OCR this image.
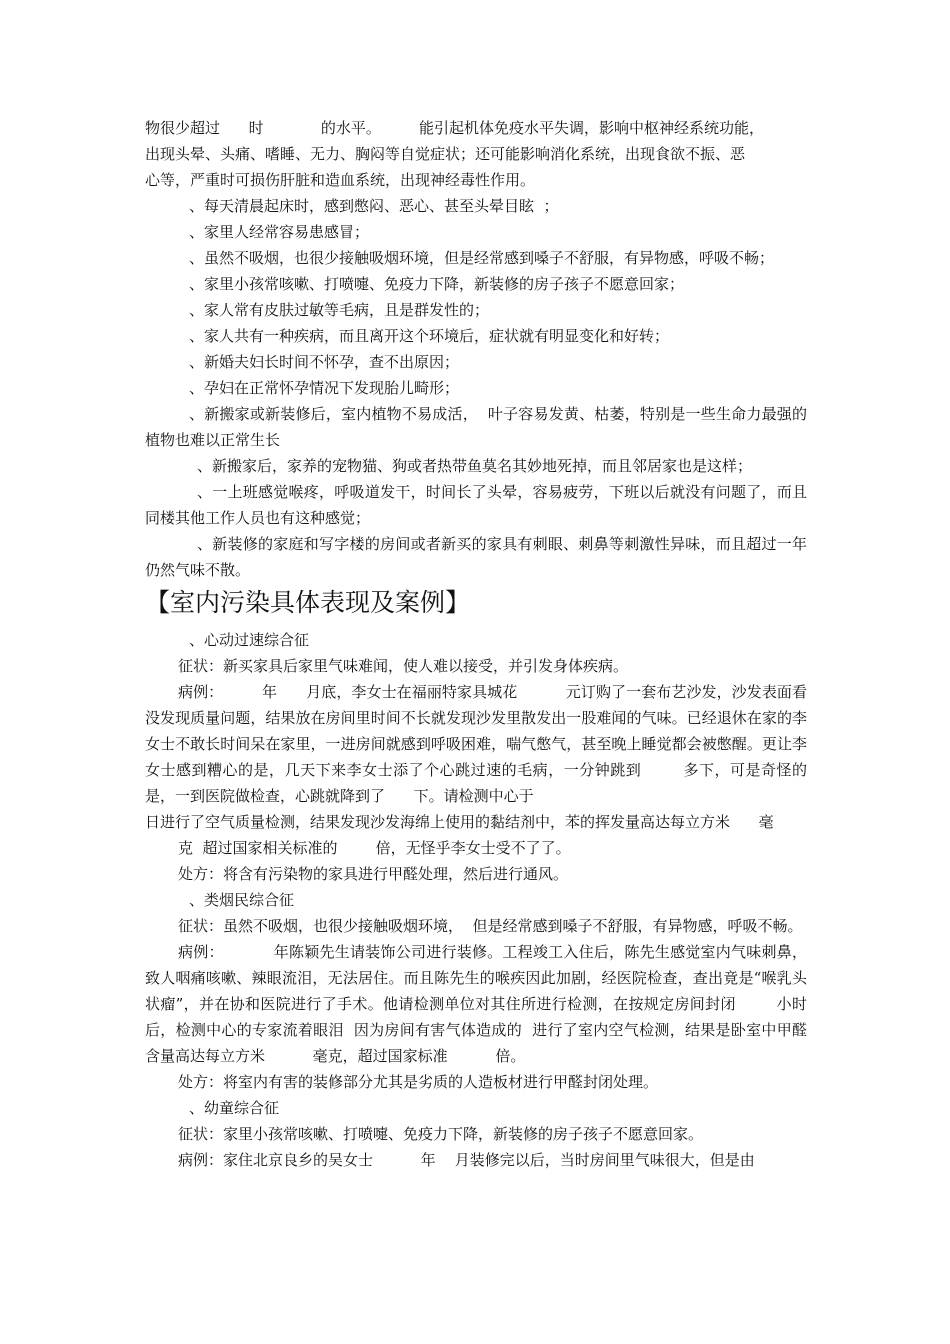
物很少超过      时            的水平。        能引起机体免疫水平失调，影响中枢神经系统功能，

出现头晕、头痛、嗜睡、无力、胸闷等自觉症状；还可能影响消化系统，出现食欲不振、恶

心等，严重时可损伤肝脏和造血系统，出现神经毒性作用。

、每天清晨起床时，感到憋闷、恶心、甚至头晕目眩  ；

、家里人经常容易患感冒；

、虽然不吸烟，也很少接触吸烟环境，但是经常感到嗓子不舒服，有异物感，呼吸不畅；

、家里小孩常咳嗽、打喷嚏、免疫力下降，新装修的房子孩子不愿意回家；

、家人常有皮肤过敏等毛病，且是群发性的；

、家人共有一种疾病，而且离开这个环境后，症状就有明显变化和好转；

、新婚夫妇长时间不怀孕，查不出原因；

、孕妇在正常怀孕情况下发现胎儿畸形；

、新搬家或新装修后，室内植物不易成活，  叶子容易发黄、枯萎，特别是一些生命力最强的植物也难以正常生长

、新搬家后，家养的宠物猫、狗或者热带鱼莫名其妙地死掉，而且邻居家也是这样；

、一上班感觉喉疼，呼吸道发干，时间长了头晕，容易疲劳，下班以后就没有问题了，而且同楼其他工作人员也有这种感觉；

、新装修的家庭和写字楼的房间或者新买的家具有刺眼、刺鼻等刺激性异味，而且超过一年仍然气味不散。

【室内污染具体表现及案例】

、心动过速综合征

征状：新买家具后家里气味难闻，使人难以接受，并引发身体疾病。

病例：        年      月底，李女士在福丽特家具城花          元订购了一套布艺沙发，沙发表面看没发现质量问题，结果放在房间里时间不长就发现沙发里散发出一股难闻的气味。已经退休在家的李女士不敢长时间呆在家里，一进房间就感到呼吸困难，喘气憋气，甚至晚上睡觉都会被憋醒。更让李女士感到糟心的是，几天下来李女士添了个心跳过速的毛病，一分钟跳到        多下，可是奇怪的是，一到医院做检查，心跳就降到了      下。请检测中心于

日进行了空气质量检测，结果发现沙发海绵上使用的黏结剂中，苯的挥发量高达每立方米      毫

克  超过国家相关标准的        倍，无怪乎李女士受不了了。

处方：将含有污染物的家具进行甲醛处理，然后进行通风。

、类烟民综合征

征状：虽然不吸烟，也很少接触吸烟环境，  但是经常感到嗓子不舒服，有异物感，呼吸不畅。

病例：          年陈颖先生请装饰公司进行装修。工程竣工入住后，陈先生感觉室内气味刺鼻，致人咽痛咳嗽、辣眼流泪，无法居住。而且陈先生的喉疾因此加剧，经医院检查，查出竟是“喉乳头状瘤”，并在协和医院进行了手术。他请检测单位对其住所进行检测，在按规定房间封闭        小时后，检测中心的专家流着眼泪  因为房间有害气体造成的  进行了室内空气检测，结果是卧室中甲醛含量高达每立方米          毫克，超过国家标准          倍。

处方：将室内有害的装修部分尤其是劣质的人造板材进行甲醛封闭处理。

、幼童综合征

征状：家里小孩常咳嗽、打喷嚏、免疫力下降，新装修的房子孩子不愿意回家。

病例：家住北京良乡的吴女士          年    月装修完以后，当时房间里气味很大，但是由
